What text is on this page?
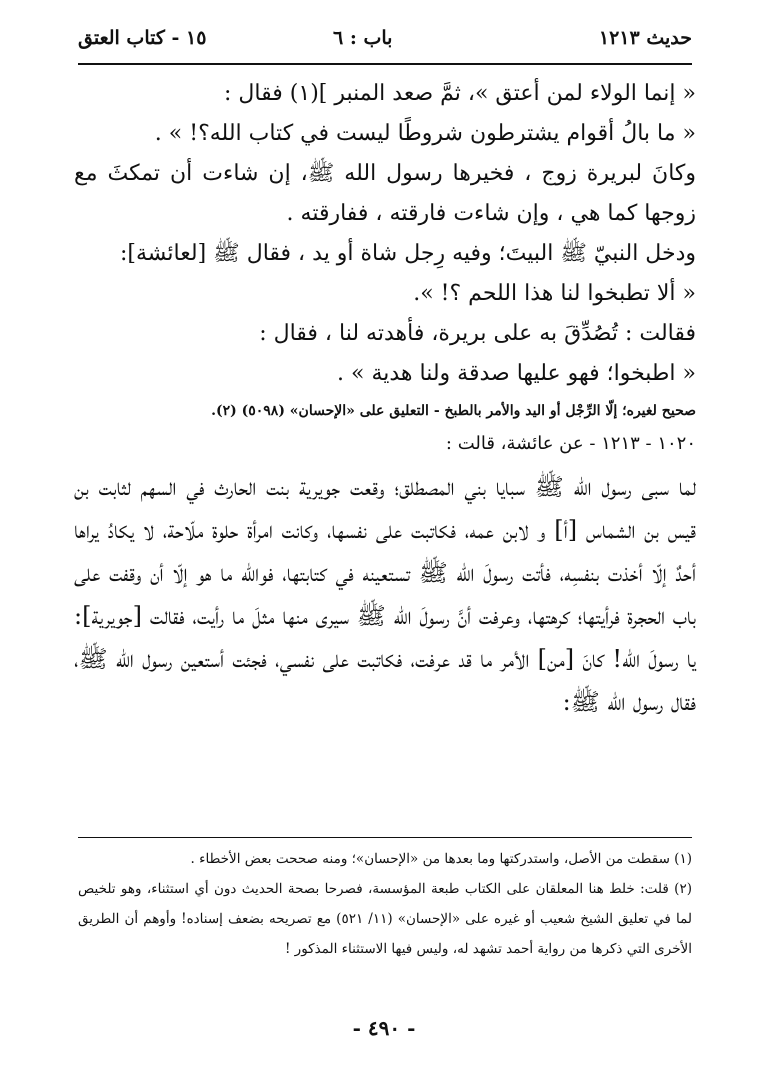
١٥ - كتاب العتق	باب : ٦	حديث ١٢١٣

« إنما الولاء لمن أعتق »، ثمَّ صعد المنبر ](١) فقال :

« ما بالُ أقوام يشترطون شروطًا ليست في كتاب الله؟! » .

وكانَ لبريرة زوج ، فخيرها رسول الله ﷺ، إن شاءت أن تمكثَ مع زوجها كما هي ، وإن شاءت فارقته ، ففارقته .

ودخل النبيّ ﷺ البيتَ؛ وفيه رِجل شاة أو يد ، فقال ﷺ [لعائشة]:

« ألا تطبخوا لنا هذا اللحم ؟! ».

فقالت : تُصُدِّقَ به على بريرة، فأهدته لنا ، فقال :

« اطبخوا؛ فهو عليها صدقة ولنا هدية » .

صحيح لغيره؛ إلّا الرِّجْل أو اليد والأمر بالطبخ - التعليق على «الإحسان» (٥٠٩٨) (٢).

١٠٢٠ - ١٢١٣ - عن عائشة، قالت :

لما سبى رسول الله ﷺ سبايا بني المصطلق؛ وقعت جويرية بنت الحارث في السهم لثابت بن قيس بن الشماس [أ] و لابن عمه، فكاتبت على نفسها، وكانت امرأة حلوة ملّاحة، لا يكادُ يراها أحدٌ إلّا أخذت بنفسِه، فأتت رسولَ الله ﷺ تستعينه في كتابتها، فوالله ما هو إلّا أن وقفت على باب الحجرة فرأيتها؛ كرهتها، وعرفت أنَّ رسولَ الله ﷺ سيرى منها مثلَ ما رأيت، فقالت [جويرية]: يا رسولَ الله! كانَ [من] الأمر ما قد عرفت، فكاتبت على نفسي، فجئت أستعين رسول الله ﷺ، فقال رسول الله ﷺ:

(١) سقطت من الأصل، واستدركتها وما بعدها من «الإحسان»؛ ومنه صححت بعض الأخطاء .

(٢) قلت: خلط هنا المعلقان على الكتاب طبعة المؤسسة، فصرحا بصحة الحديث دون أي استثناء، وهو تلخيص لما في تعليق الشيخ شعيب أو غيره على «الإحسان» (١١/ ٥٢١) مع تصريحه بضعف إسناده! وأوهم أن الطريق الأخرى التي ذكرها من رواية أحمد تشهد له، وليس فيها الاستثناء المذكور !

- ٤٩٠ -
